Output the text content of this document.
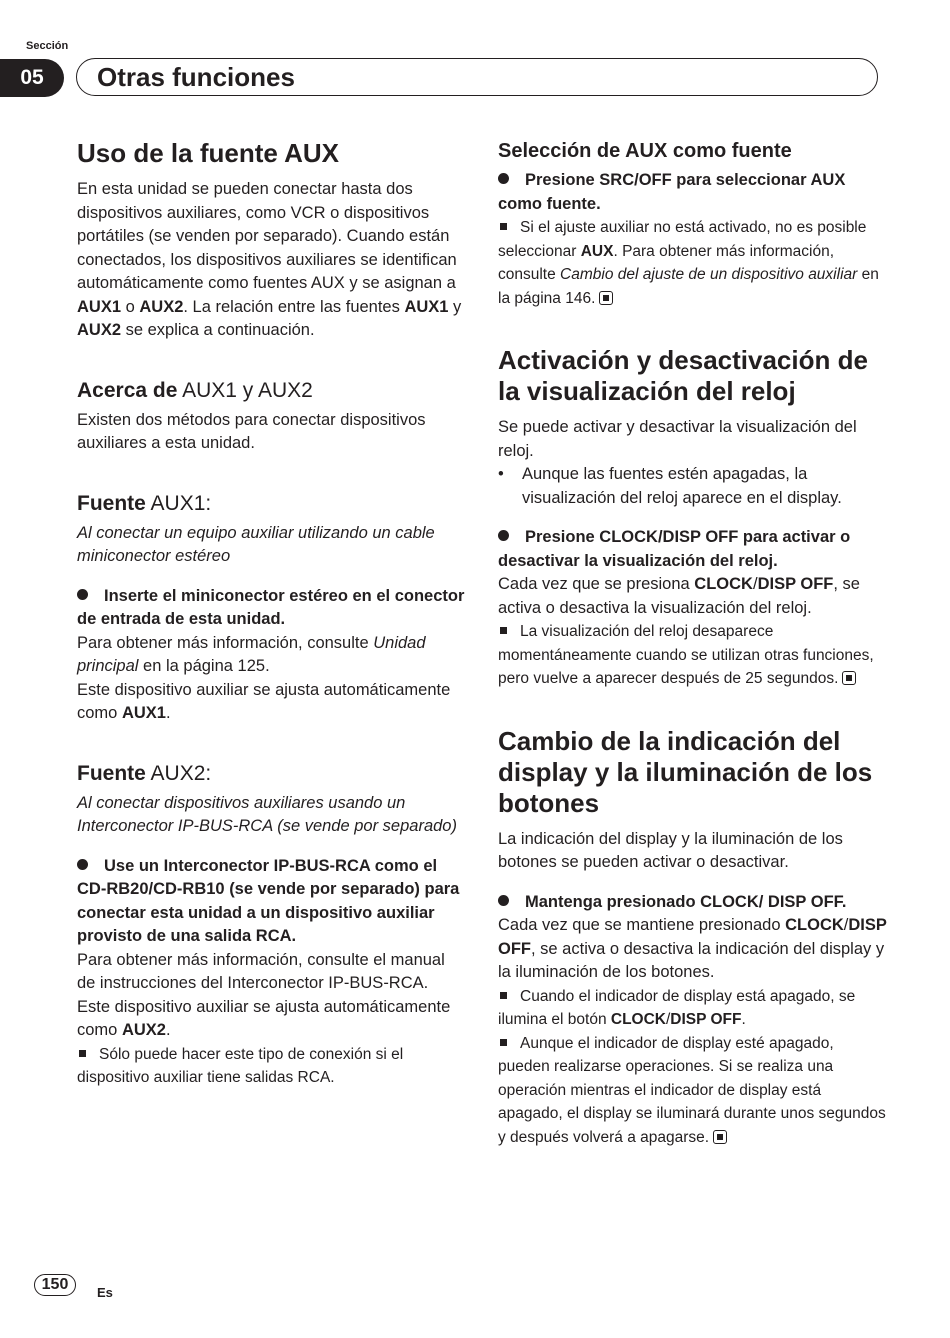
Sección
05	Otras funciones
Uso de la fuente AUX

En esta unidad se pueden conectar hasta dos dispositivos auxiliares, como VCR o dispositivos portátiles (se venden por separado). Cuando están conectados, los dispositivos auxiliares se identifican automáticamente como fuentes AUX y se asignan a AUX1 o AUX2. La relación entre las fuentes AUX1 y AUX2 se explica a continuación.

Acerca de AUX1 y AUX2

Existen dos métodos para conectar dispositivos auxiliares a esta unidad.

Fuente AUX1:

Al conectar un equipo auxiliar utilizando un cable miniconector estéreo

Inserte el miniconector estéreo en el conector de entrada de esta unidad.

Para obtener más información, consulte Unidad principal en la página 125.

Este dispositivo auxiliar se ajusta automáticamente como AUX1.

Fuente AUX2:

Al conectar dispositivos auxiliares usando un Interconector IP-BUS-RCA (se vende por separado)

Use un Interconector IP-BUS-RCA como el CD-RB20/CD-RB10 (se vende por separado) para conectar esta unidad a un dispositivo auxiliar provisto de una salida RCA.

Para obtener más información, consulte el manual de instrucciones del Interconector IP-BUS-RCA.

Este dispositivo auxiliar se ajusta automáticamente como AUX2.

Sólo puede hacer este tipo de conexión si el dispositivo auxiliar tiene salidas RCA.

Selección de AUX como fuente

Presione SRC/OFF para seleccionar AUX como fuente.

Si el ajuste auxiliar no está activado, no es posible seleccionar AUX. Para obtener más información, consulte Cambio del ajuste de un dispositivo auxiliar en la página 146.

Activación y desactivación de la visualización del reloj

Se puede activar y desactivar la visualización del reloj.

• Aunque las fuentes estén apagadas, la visualización del reloj aparece en el display.

Presione CLOCK/DISP OFF para activar o desactivar la visualización del reloj.

Cada vez que se presiona CLOCK/DISP OFF, se activa o desactiva la visualización del reloj.

La visualización del reloj desaparece momentáneamente cuando se utilizan otras funciones, pero vuelve a aparecer después de 25 segundos.

Cambio de la indicación del display y la iluminación de los botones

La indicación del display y la iluminación de los botones se pueden activar o desactivar.

Mantenga presionado CLOCK/ DISP OFF.

Cada vez que se mantiene presionado CLOCK/DISP OFF, se activa o desactiva la indicación del display y la iluminación de los botones.

Cuando el indicador de display está apagado, se ilumina el botón CLOCK/DISP OFF.

Aunque el indicador de display esté apagado, pueden realizarse operaciones. Si se realiza una operación mientras el indicador de display está apagado, el display se iluminará durante unos segundos y después volverá a apagarse.

150	Es
